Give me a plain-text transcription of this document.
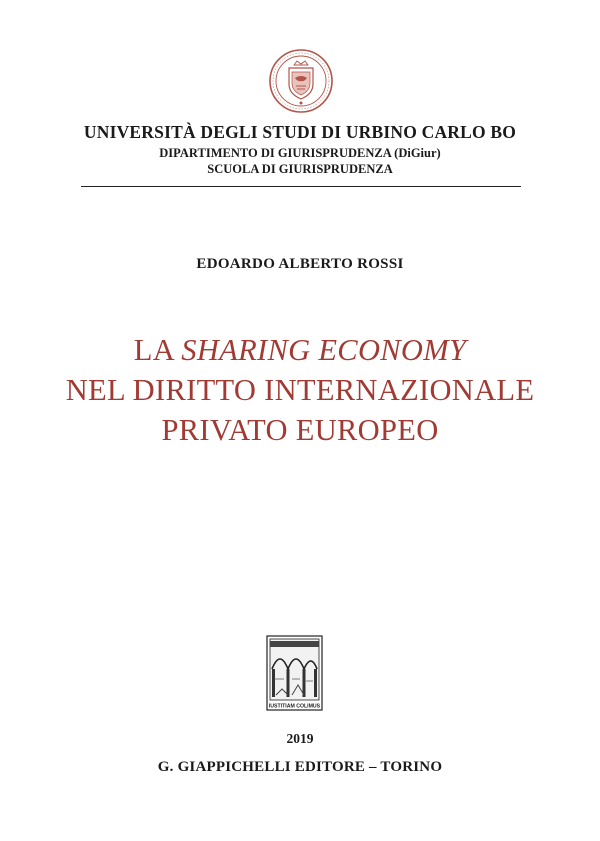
UNIVERSITÀ DEGLI STUDI DI URBINO CARLO BO
DIPARTIMENTO DI GIURISPRUDENZA (DiGiur)
SCUOLA DI GIURISPRUDENZA
EDOARDO ALBERTO ROSSI
LA SHARING ECONOMY
NEL DIRITTO INTERNAZIONALE
PRIVATO EUROPEO
IUSTITIAM COLIMUS
2019
G. GIAPPICHELLI EDITORE – TORINO
